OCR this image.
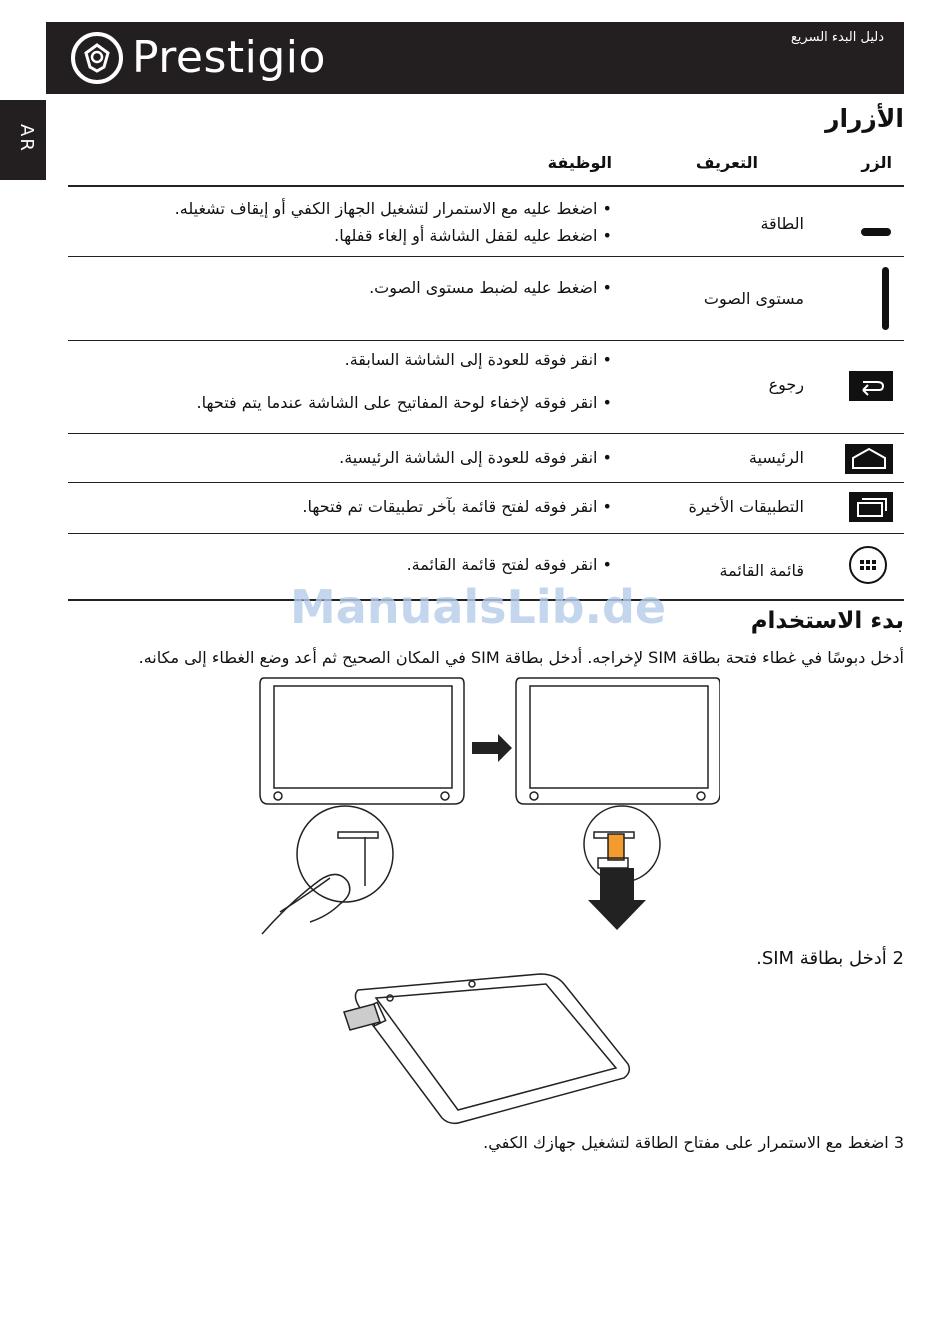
Prestigio	دليل البدء السريع
AR
الأزرار
الزر
التعريف
الوظيفة
الطاقة
• اضغط عليه مع الاستمرار لتشغيل الجهاز الكفي أو إيقاف تشغيله.
• اضغط عليه لقفل الشاشة أو إلغاء قفلها.
مستوى الصوت
• اضغط عليه لضبط مستوى الصوت.
رجوع
• انقر فوقه للعودة إلى الشاشة السابقة.
• انقر فوقه لإخفاء لوحة المفاتيح على الشاشة عندما يتم فتحها.
الرئيسية
• انقر فوقه للعودة إلى الشاشة الرئيسية.
التطبيقات الأخيرة
• انقر فوقه لفتح قائمة بآخر تطبيقات تم فتحها.
قائمة القائمة
• انقر فوقه لفتح قائمة القائمة.
ManualsLib.de	بدء الاستخدام
أدخل دبوسًا في غطاء فتحة بطاقة SIM لإخراجه. أدخل بطاقة SIM في المكان الصحيح ثم أعد وضع الغطاء إلى مكانه.
2 أدخل بطاقة SIM.
3 اضغط مع الاستمرار على مفتاح الطاقة لتشغيل جهازك الكفي.
